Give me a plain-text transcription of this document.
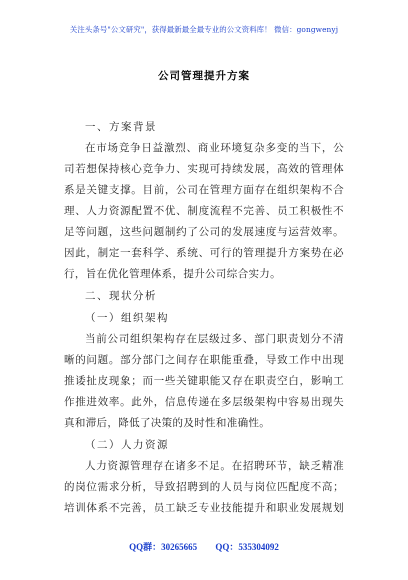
关注头条号"公文研究"，获得最新最全最专业的公文资料库！ 微信：gongwenyj
公司管理提升方案
一、方案背景
在市场竞争日益激烈、商业环境复杂多变的当下，公
司若想保持核心竞争力、实现可持续发展，高效的管理体
系是关键支撑。目前，公司在管理方面存在组织架构不合
理、人力资源配置不优、制度流程不完善、员工积极性不
足等问题，这些问题制约了公司的发展速度与运营效率。
因此，制定一套科学、系统、可行的管理提升方案势在必
行，旨在优化管理体系，提升公司综合实力。
二、现状分析
（一）组织架构
当前公司组织架构存在层级过多、部门职责划分不清
晰的问题。部分部门之间存在职能重叠，导致工作中出现
推诿扯皮现象；而一些关键职能又存在职责空白，影响工
作推进效率。此外，信息传递在多层级架构中容易出现失
真和滞后，降低了决策的及时性和准确性。
（二）人力资源
人力资源管理存在诸多不足。在招聘环节，缺乏精准
的岗位需求分析，导致招聘到的人员与岗位匹配度不高；
培训体系不完善，员工缺乏专业技能提升和职业发展规划
QQ群：30265665 QQ：535304092
